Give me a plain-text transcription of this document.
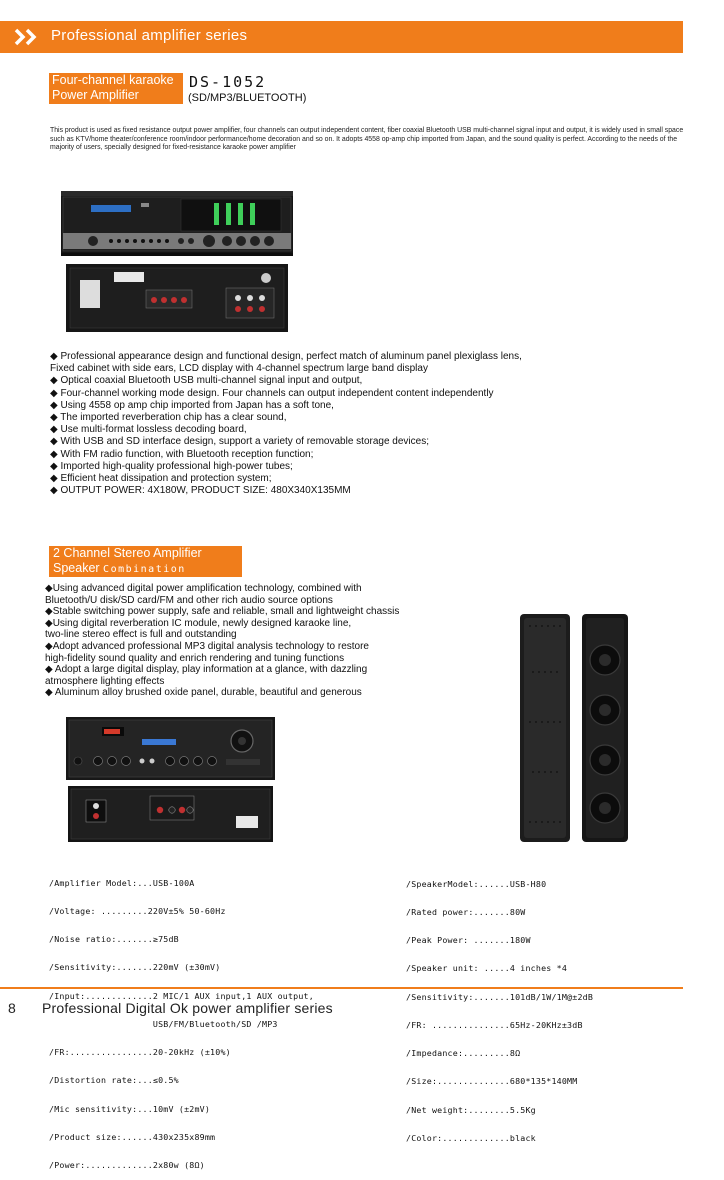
Professional amplifier series
Four-channel karaoke
Power Amplifier
DS-1052
(SD/MP3/BLUETOOTH)
This product is used as fixed resistance output power amplifier, four channels can output independent content, fiber coaxial Bluetooth USB multi-channel signal input and output, it is widely used in small space such as KTV/home theater/conference room/indoor performance/home decoration and so on. It adopts 4558 op-amp chip imported from Japan, and the sound quality is perfect. According to the needs of the majority of users, specially designed for fixed-resistance karaoke power amplifier
◆ Professional appearance design and functional design, perfect match of aluminum panel plexiglass lens,
Fixed cabinet with side ears, LCD display with 4-channel spectrum large band display
◆ Optical coaxial Bluetooth USB multi-channel signal input and output,
◆ Four-channel working mode design. Four channels can output independent content independently
◆ Using 4558 op amp chip imported from Japan has a soft tone,
◆ The imported reverberation chip has a clear sound,
◆ Use multi-format lossless decoding board,
◆ With USB and SD interface design, support a variety of removable storage devices;
◆ With FM radio function, with Bluetooth reception function;
◆ Imported high-quality professional high-power tubes;
◆ Efficient heat dissipation and protection system;
◆ OUTPUT POWER: 4X180W, PRODUCT SIZE: 480X340X135MM
2 Channel Stereo Amplifier
Speaker Combination
◆Using advanced digital power amplification technology, combined with
Bluetooth/U disk/SD card/FM and other rich audio source options
◆Stable switching power supply, safe and reliable, small and lightweight chassis
◆Using digital reverberation IC module, newly designed karaoke line,
two-line stereo effect is full and outstanding
◆Adopt advanced professional MP3 digital analysis technology to restore
high-fidelity sound quality and enrich rendering and tuning functions
◆ Adopt a large digital display, play information at a glance, with dazzling
atmosphere lighting effects
◆ Aluminum alloy brushed oxide panel, durable, beautiful and generous

/Amplifier Model:...USB-100A

/Voltage: .........220V±5% 50-60Hz

/Noise ratio:.......≥75dB

/Sensitivity:.......220mV (±30mV)

/Input:.............2 MIC/1 AUX input,1 AUX output,

USB/FM/Bluetooth/SD /MP3

/FR:................20-20kHz (±10%)

/Distortion rate:...≤0.5%

/Mic sensitivity:...10mV (±2mV)

/Product size:......430x235x89mm

/Power:.............2x80w (8Ω)

/SpeakerModel:......USB-H80

/Rated power:.......80W

/Peak Power: .......180W

/Speaker unit: .....4 inches *4

/Sensitivity:.......101dB/1W/1M@±2dB

/FR: ...............65Hz-20KHz±3dB

/Impedance:.........8Ω

/Size:..............680*135*140MM

/Net weight:........5.5Kg

/Color:.............black

8 Professional Digital Ok power amplifier series
